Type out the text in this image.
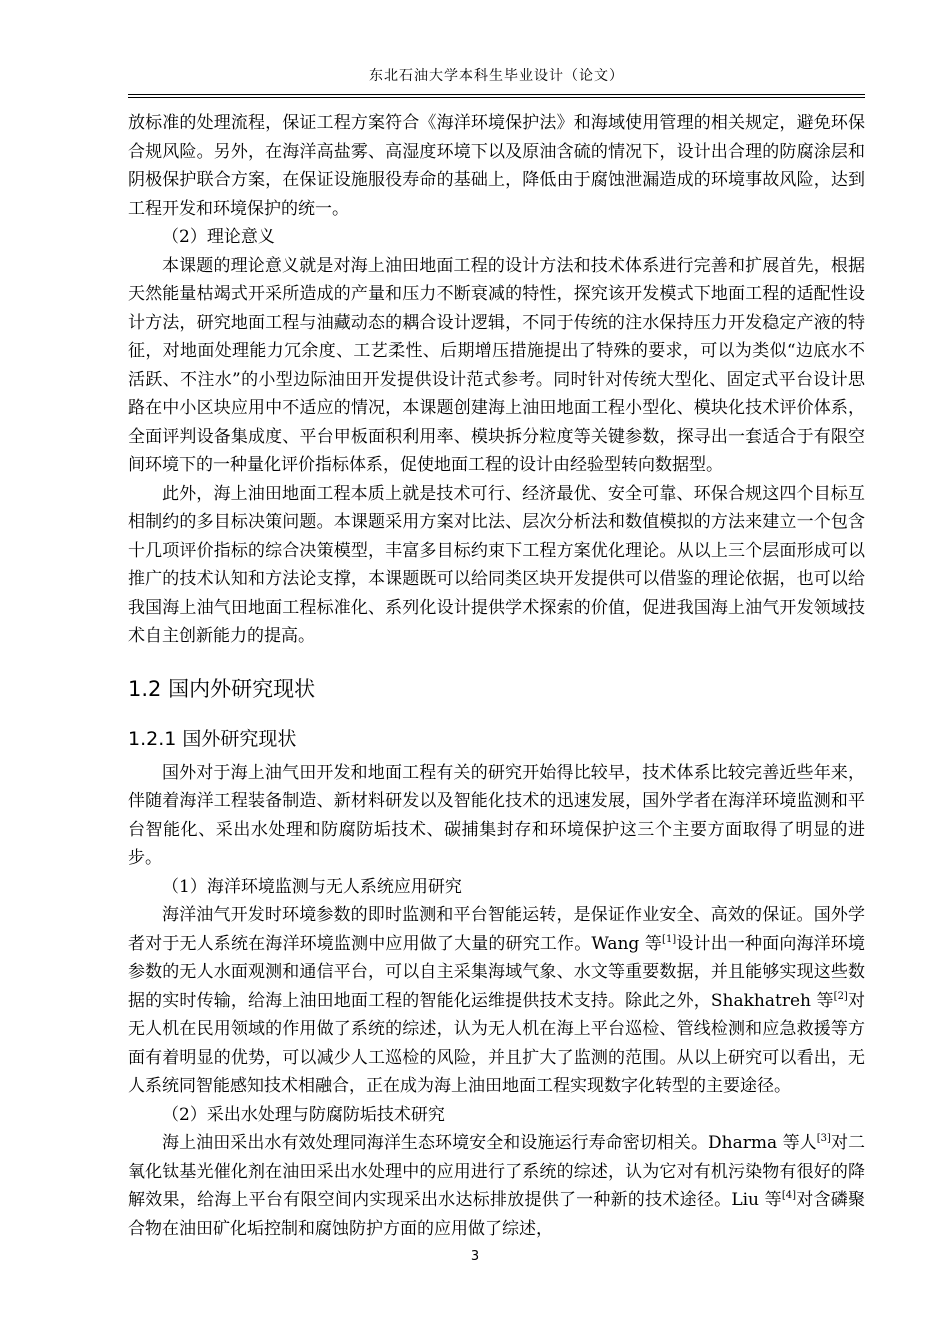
东北石油大学本科生毕业设计（论文）

放标准的处理流程，保证工程方案符合《海洋环境保护法》和海域使用管理的相关规定，避免环保合规风险。另外，在海洋高盐雾、高湿度环境下以及原油含硫的情况下，设计出合理的防腐涂层和阴极保护联合方案，在保证设施服役寿命的基础上，降低由于腐蚀泄漏造成的环境事故风险，达到工程开发和环境保护的统一。

（2）理论意义

本课题的理论意义就是对海上油田地面工程的设计方法和技术体系进行完善和扩展首先，根据天然能量枯竭式开采所造成的产量和压力不断衰减的特性，探究该开发模式下地面工程的适配性设计方法，研究地面工程与油藏动态的耦合设计逻辑，不同于传统的注水保持压力开发稳定产液的特征，对地面处理能力冗余度、工艺柔性、后期增压措施提出了特殊的要求，可以为类似“边底水不活跃、不注水”的小型边际油田开发提供设计范式参考。同时针对传统大型化、固定式平台设计思路在中小区块应用中不适应的情况，本课题创建海上油田地面工程小型化、模块化技术评价体系，全面评判设备集成度、平台甲板面积利用率、模块拆分粒度等关键参数，探寻出一套适合于有限空间环境下的一种量化评价指标体系，促使地面工程的设计由经验型转向数据型。

此外，海上油田地面工程本质上就是技术可行、经济最优、安全可靠、环保合规这四个目标互相制约的多目标决策问题。本课题采用方案对比法、层次分析法和数值模拟的方法来建立一个包含十几项评价指标的综合决策模型，丰富多目标约束下工程方案优化理论。从以上三个层面形成可以推广的技术认知和方法论支撑，本课题既可以给同类区块开发提供可以借鉴的理论依据，也可以给我国海上油气田地面工程标准化、系列化设计提供学术探索的价值，促进我国海上油气开发领域技术自主创新能力的提高。

1.2 国内外研究现状
1.2.1 国外研究现状

国外对于海上油气田开发和地面工程有关的研究开始得比较早，技术体系比较完善近些年来，伴随着海洋工程装备制造、新材料研发以及智能化技术的迅速发展，国外学者在海洋环境监测和平台智能化、采出水处理和防腐防垢技术、碳捕集封存和环境保护这三个主要方面取得了明显的进步。

（1）海洋环境监测与无人系统应用研究

海洋油气开发时环境参数的即时监测和平台智能运转，是保证作业安全、高效的保证。国外学者对于无人系统在海洋环境监测中应用做了大量的研究工作。Wang 等[1]设计出一种面向海洋环境参数的无人水面观测和通信平台，可以自主采集海域气象、水文等重要数据，并且能够实现这些数据的实时传输，给海上油田地面工程的智能化运维提供技术支持。除此之外，Shakhatreh 等[2]对无人机在民用领域的作用做了系统的综述，认为无人机在海上平台巡检、管线检测和应急救援等方面有着明显的优势，可以减少人工巡检的风险，并且扩大了监测的范围。从以上研究可以看出，无人系统同智能感知技术相融合，正在成为海上油田地面工程实现数字化转型的主要途径。

（2）采出水处理与防腐防垢技术研究

海上油田采出水有效处理同海洋生态环境安全和设施运行寿命密切相关。Dharma 等人[3]对二氧化钛基光催化剂在油田采出水处理中的应用进行了系统的综述，认为它对有机污染物有很好的降解效果，给海上平台有限空间内实现采出水达标排放提供了一种新的技术途径。Liu 等[4]对含磷聚合物在油田矿化垢控制和腐蚀防护方面的应用做了综述，

3
